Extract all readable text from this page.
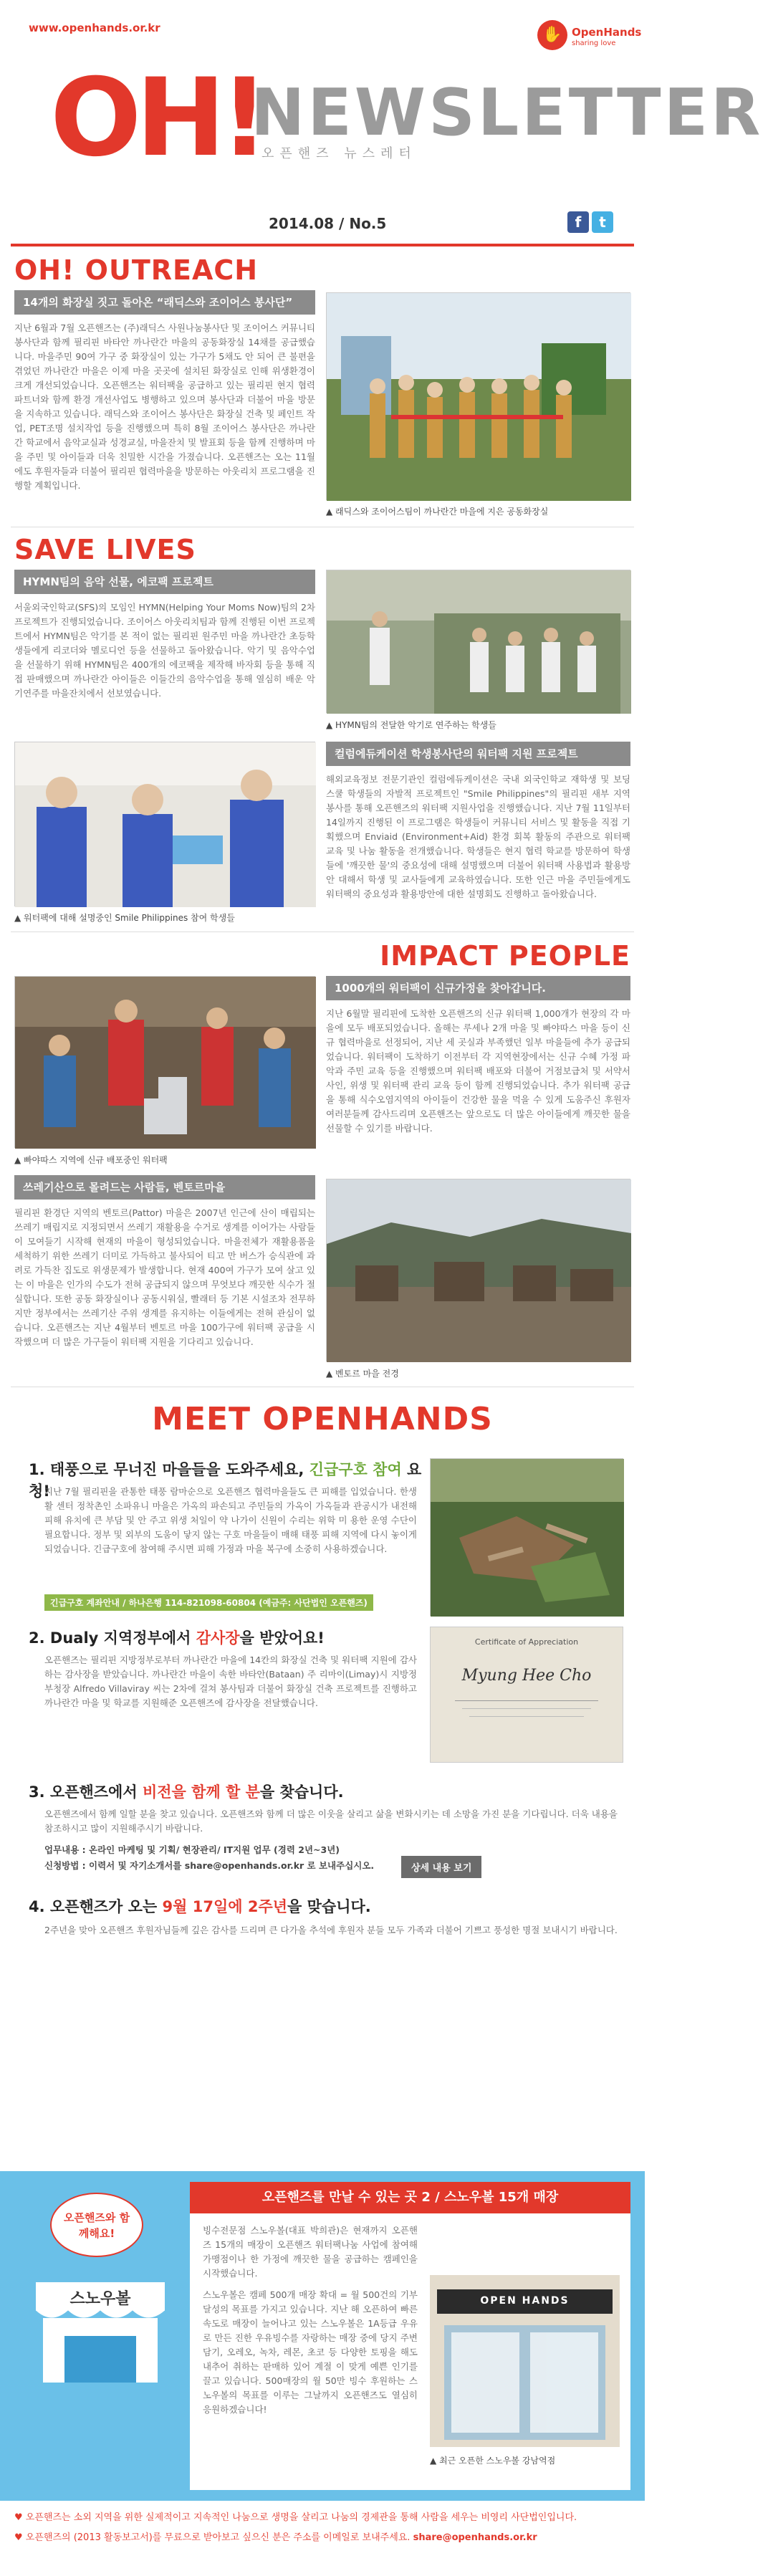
www.openhands.or.kr	✋ OpenHands
sharing love
OH!
NEWSLETTER
오픈핸즈 뉴스레터
2014.08 / No.5	f	t
OH! OUTREACH
14개의 화장실 짓고 돌아온 “래딕스와 조이어스 봉사단”
지난 6월과 7월 오픈핸즈는 (주)래딕스 사원나눔봉사단 및 조이어스 커뮤니티 봉사단과 함께 필리핀 바타안 까나란간 마을의 공동화장실 14채를 공급했습니다. 마을주민 90여 가구 중 화장실이 있는 가구가 5채도 안 되어 큰 불편을 겪었던 까나란간 마을은 이제 마을 곳곳에 설치된 화장실로 인해 위생환경이 크게 개선되었습니다. 오픈핸즈는 워터팩을 공급하고 있는 필리핀 현지 협력파트너와 함께 환경 개선사업도 병행하고 있으며 봉사단과 더불어 마을 방문을 지속하고 있습니다. 래딕스와 조이어스 봉사단은 화장실 건축 및 페인트 작업, PET조명 설치작업 등을 진행했으며 특히 8월 조이어스 봉사단은 까나란간 학교에서 음악교실과 성경교실, 마을잔치 및 발표회 등을 함께 진행하며 마을 주민 및 아이들과 더욱 친밀한 시간을 가졌습니다. 오픈핸즈는 오는 11월에도 후원자들과 더불어 필리핀 협력마을을 방문하는 아웃리치 프로그램을 진행할 계획입니다.
▲ 래딕스와 조이어스팀이 까나란간 마을에 지은 공동화장실
SAVE LIVES
HYMN팀의 음악 선물, 에코팩 프로젝트
서울외국인학교(SFS)의 모임인 HYMN(Helping Your Moms Now)팀의 2차 프로젝트가 진행되었습니다. 조이어스 아웃리치팀과 함께 진행된 이번 프로젝트에서 HYMN팀은 악기를 본 적이 없는 필리핀 원주민 마을 까나란간 초등학생들에게 리코더와 멜로디언 등을 선물하고 돌아왔습니다. 악기 및 음악수업을 선물하기 위해 HYMN팀은 400개의 에코팩을 제작해 바자회 등을 통해 직접 판매했으며 까나란간 아이들은 이들간의 음악수업을 통해 열심히 배운 악기연주를 마을잔치에서 선보였습니다.
▲ HYMN팀의 전달한 악기로 연주하는 학생들
▲ 워터팩에 대해 설명중인 Smile Philippines 참여 학생들
컬럼에듀케이션 학생봉사단의 워터팩 지원 프로젝트
해외교육정보 전문기관인 컬럼에듀케이션은 국내 외국인학교 재학생 및 보딩스쿨 학생들의 자발적 프로젝트인 "Smile Philippines"의 필리핀 새부 지역 봉사를 통해 오픈핸즈의 워터팩 지원사업을 진행했습니다. 지난 7월 11일부터 14일까지 진행된 이 프로그램은 학생들이 커뮤니티 서비스 및 활동을 직접 기획했으며 Enviaid (Environment+Aid) 환경 회복 활동의 주관으로 워터팩 교육 및 나눔 활동을 전개했습니다. 학생들은 현지 협력 학교를 방문하여 학생들에 '깨끗한 물'의 중요성에 대해 설명했으며 더불어 워터팩 사용법과 활용방안 대해서 학생 및 교사들에게 교육하였습니다. 또한 인근 마을 주민들에게도 워터팩의 중요성과 활용방안에 대한 설명회도 진행하고 돌아왔습니다.
IMPACT PEOPLE
1000개의 워터팩이 신규가정을 찾아갑니다.
지난 6월말 필리핀에 도착한 오픈핸즈의 신규 워터팩 1,000개가 현장의 각 마을에 모두 배포되었습니다. 올해는 루세나 2개 마을 및 빠야따스 마을 등이 신규 협력마을로 선정되어, 지난 세 곳실과 부족했던 일부 마을들에 추가 공급되었습니다. 워터팩이 도착하기 이전부터 각 지역현장에서는 신규 수혜 가정 파악과 주민 교육 등을 진행했으며 워터팩 배포와 더불어 거점보급처 및 서약서 사인, 위생 및 워터팩 관리 교육 등이 함께 진행되었습니다. 추가 워터팩 공급을 통해 식수오염지역의 아이들이 건강한 물을 먹을 수 있게 도움주신 후원자 여러분들께 감사드리며 오픈핸즈는 앞으로도 더 많은 아이들에게 깨끗한 물을 선물할 수 있기를 바랍니다.
▲ 빠야따스 지역에 신규 배포중인 워터팩
쓰레기산으로 몰려드는 사람들, 벤토르마을
필리핀 환경단 지역의 벤토르(Pattor) 마을은 2007년 인근에 산이 매립되는 쓰레기 매립지로 지정되면서 쓰레기 재활용을 수거로 생계를 이어가는 사람들이 모여들기 시작해 현재의 마을이 형성되었습니다. 마을전체가 재활용품을 세척하기 위한 쓰레기 더미로 가득하고 불사되어 티고 만 버스가 승식관에 과려로 가득찬 집도로 위생문제가 발생합니다. 현재 400여 가구가 모여 살고 있는 이 마을은 인가의 수도가 전혀 공급되지 않으며 무엇보다 깨끗한 식수가 절실합니다. 또한 공동 화장실이나 공동시워실, 빨래터 등 기본 시설조차 전무하지만 정부에서는 쓰레기산 주위 생계를 유지하는 이들에게는 전혀 관심이 없습니다. 오픈핸즈는 지난 4월부터 벤토르 마을 100가구에 워터팩 공급을 시작했으며 더 많은 가구들이 워터팩 지원을 기다리고 있습니다.
▲ 벤토르 마을 전경
MEET OPENHANDS
1. 태풍으로 무너진 마을들을 도와주세요, 긴급구호 참여 요청!
지난 7월 필리핀을 관통한 태풍 람마순으로 오픈핸즈 협력마을들도 큰 피해를 입었습니다. 한생활 센터 정착촌인 소파유니 마을은 가옥의 파손되고 주민들의 가옥이 가옥들과 관공시가 내전해 피해 유치에 큰 부담 및 안 주고 위생 처일이 약 나가이 신원이 수리는 위학 미 용한 운영 수단이 필요합니다. 정부 및 외부의 도움이 닿지 않는 구호 마을들이 매해 태풍 피해 지역에 다시 놓이게 되었습니다. 긴급구호에 참여해 주시면 피해 가정과 마을 복구에 소중히 사용하겠습니다.
긴급구호 계좌안내 / 하나은행 114-821098-60804 (예금주: 사단법인 오픈핸즈)
2. Dualy 지역정부에서 감사장을 받았어요!
오픈핸즈는 필리핀 지방정부로부터 까나란간 마을에 14칸의 화장실 건축 및 워터팩 지원에 감사하는 감사장을 받았습니다. 까나란간 마을이 속한 바타안(Bataan) 주 리마이(Limay)시 지방정부청장 Alfredo Villaviray 씨는 2차에 걸쳐 봉사팀과 더불어 화장실 건축 프로젝트를 진행하고 까나란간 마을 및 학교를 지원해준 오픈핸즈에 감사장을 전달했습니다.
Certificate of Appreciation
Myung Hee Cho
3. 오픈핸즈에서 비전을 함께 할 분을 찾습니다.
오픈핸즈에서 함께 일할 분을 찾고 있습니다. 오픈핸즈와 함께 더 많은 이웃을 살리고 삶을 변화시키는 데 소망을 가진 분을 기다립니다. 더욱 내용을 참조하시고 많이 지원해주시기 바랍니다.
업무내용 : 온라인 마케팅 및 기획/ 현장관리/ IT지원 업무 (경력 2년~3년)
신청방법 : 이력서 및 자기소개서를 share@openhands.or.kr 로 보내주십시오.	상세 내용 보기
4. 오픈핸즈가 오는 9월 17일에 2주년을 맞습니다.
2주년을 맞아 오픈핸즈 후원자님들께 깊은 감사를 드리며 큰 다가올 추석에 후원자 분들 모두 가족과 더불어 기쁘고 풍성한 명절 보내시기 바랍니다.
오픈핸즈와 함께해요!
스노우볼
오픈핸즈를 만날 수 있는 곳 2 / 스노우볼 15개 매장
빙수전문점 스노우볼(대표 박희관)은 현재까지 오픈핸즈 15개의 매장이 오픈핸즈 워터팩나눔 사업에 참여해 가맹점이나 한 가정에 깨끗한 물을 공급하는 캠페인을 시작했습니다.
스노우볼은 캠페 500개 매장 확대 = 월 500건의 기부 달성의 목표를 가지고 있습니다. 지난 해 오픈하여 빠른 속도로 매장이 늘어나고 있는 스노우볼은 1A등급 우유로 만든 진한 우유빙수를 자랑하는 매장 중에 당지 주변 담기, 오레오, 녹차, 레몬, 초코 등 다양한 토핑을 해도 내추어 취하는 판매하 있어 계절 이 맞게 예쁜 인기를 끌고 있습니다. 500매장의 월 50만 빙수 후원하는 스노우볼의 목표를 이루는 그날까지 오픈핸즈도 열심히 응원하겠습니다!
OPEN HANDS
▲ 최근 오픈한 스노우볼 강남역점
♥ 오픈핸즈는 소외 지역을 위한 실제적이고 지속적인 나눔으로 생명을 살리고 나눔의 경제관을 통해 사람을 세우는 비영리 사단법인입니다.
♥ 오픈핸즈의 (2013 활동보고서)를 무료으로 받아보고 싶으신 분은 주소를 이메일로 보내주세요. share@openhands.or.kr
